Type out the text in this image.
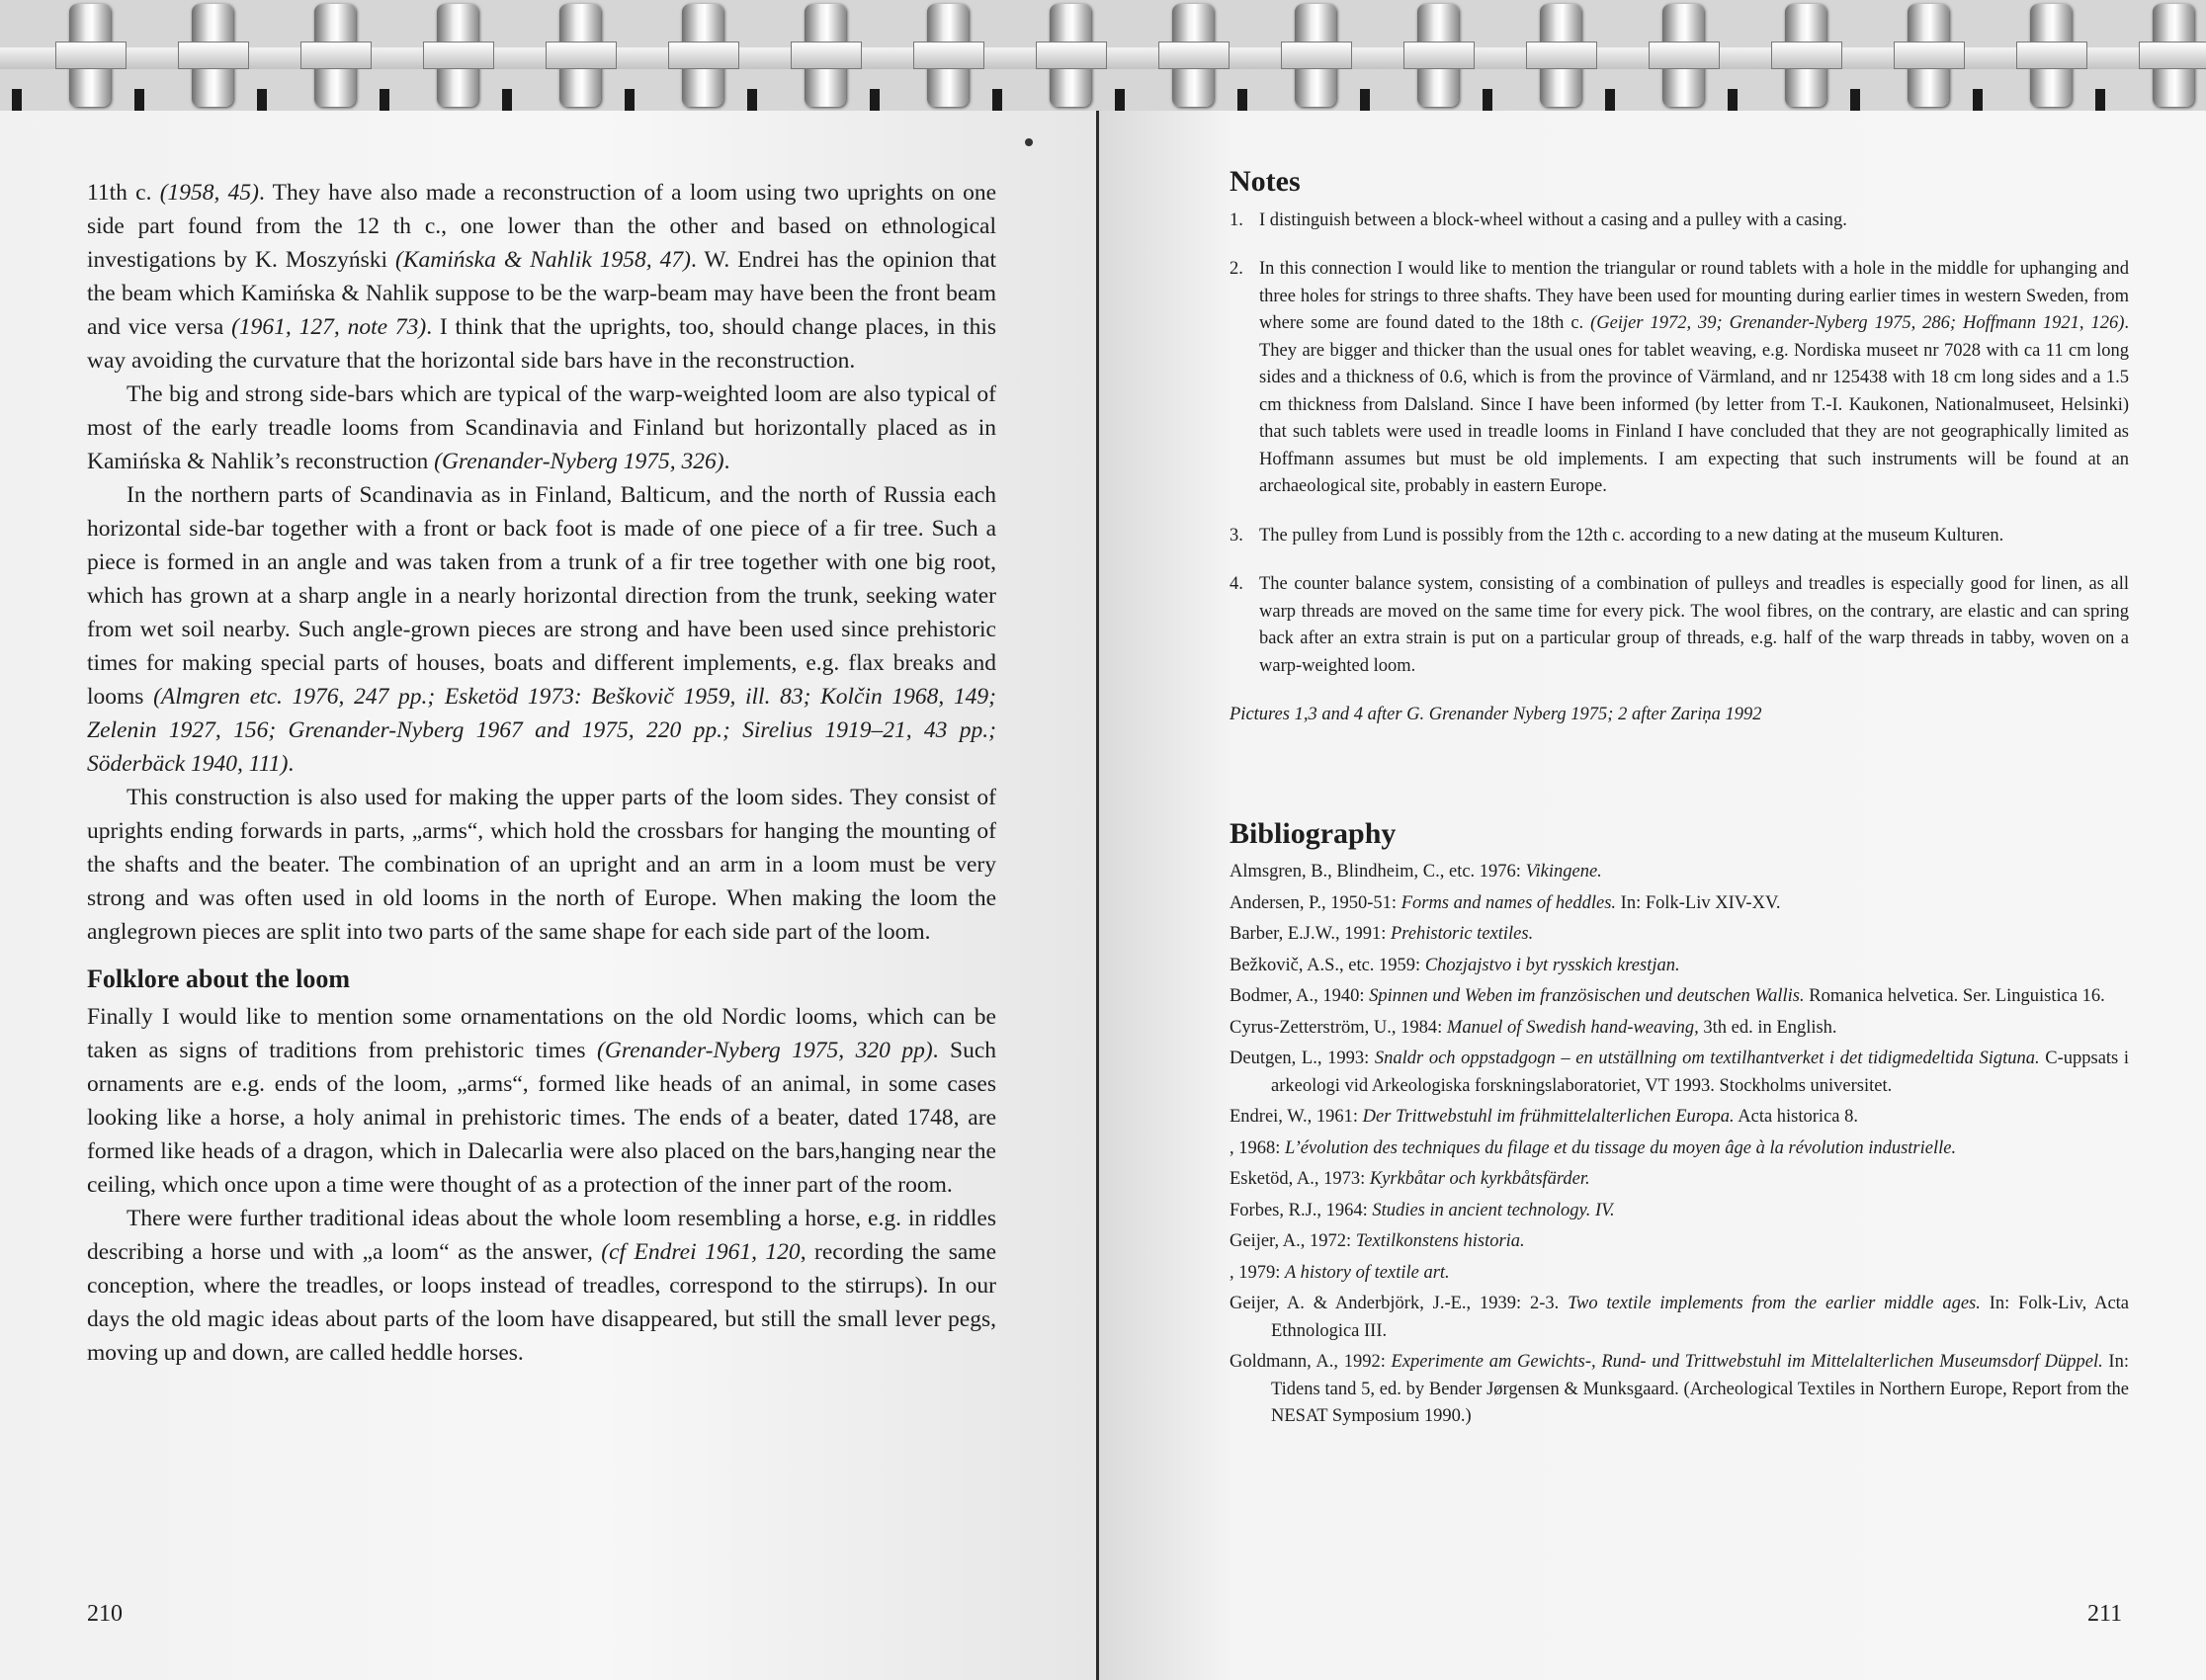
11th c. (1958, 45). They have also made a reconstruction of a loom using two uprights on one side part found from the 12 th c., one lower than the other and based on ethnological investigations by K. Moszyński (Kamińska & Nahlik 1958, 47). W. Endrei has the opinion that the beam which Kamińska & Nahlik suppose to be the warp-beam may have been the front beam and vice versa (1961, 127, note 73). I think that the uprights, too, should change places, in this way avoiding the curvature that the horizontal side bars have in the reconstruction.

The big and strong side-bars which are typical of the warp-weighted loom are also typical of most of the early treadle looms from Scandinavia and Finland but horizontally placed as in Kamińska & Nahlik’s reconstruction (Grenander-Nyberg 1975, 326).

In the northern parts of Scandinavia as in Finland, Balticum, and the north of Russia each horizontal side-bar together with a front or back foot is made of one piece of a fir tree. Such a piece is formed in an angle and was taken from a trunk of a fir tree together with one big root, which has grown at a sharp angle in a nearly horizontal direction from the trunk, seeking water from wet soil nearby. Such angle-grown pieces are strong and have been used since prehistoric times for making special parts of houses, boats and different implements, e.g. flax breaks and looms (Almgren etc. 1976, 247 pp.; Esketöd 1973: Beškovič 1959, ill. 83; Kolčin 1968, 149; Zelenin 1927, 156; Grenander-Nyberg 1967 and 1975, 220 pp.; Sirelius 1919–21, 43 pp.; Söderbäck 1940, 111).

This construction is also used for making the upper parts of the loom sides. They consist of uprights ending forwards in parts, „arms“, which hold the crossbars for hanging the mounting of the shafts and the beater. The combination of an upright and an arm in a loom must be very strong and was often used in old looms in the north of Europe. When making the loom the anglegrown pieces are split into two parts of the same shape for each side part of the loom.

Folklore about the loom

Finally I would like to mention some ornamentations on the old Nordic looms, which can be taken as signs of traditions from prehistoric times (Grenander-Nyberg 1975, 320 pp). Such ornaments are e.g. ends of the loom, „arms“, formed like heads of an animal, in some cases looking like a horse, a holy animal in prehistoric times. The ends of a beater, dated 1748, are formed like heads of a dragon, which in Dalecarlia were also placed on the bars,hanging near the ceiling, which once upon a time were thought of as a protection of the inner part of the room.

There were further traditional ideas about the whole loom resembling a horse, e.g. in riddles describing a horse und with „a loom“ as the answer, (cf Endrei 1961, 120, recording the same conception, where the treadles, or loops instead of treadles, correspond to the stirrups). In our days the old magic ideas about parts of the loom have disappeared, but still the small lever pegs, moving up and down, are called heddle horses.

210
Notes
1. I distinguish between a block-wheel without a casing and a pulley with a casing.
2. In this connection I would like to mention the triangular or round tablets with a hole in the middle for uphanging and three holes for strings to three shafts. They have been used for mounting during earlier times in western Sweden, from where some are found dated to the 18th c. (Geijer 1972, 39; Grenander-Nyberg 1975, 286; Hoffmann 1921, 126). They are bigger and thicker than the usual ones for tablet weaving, e.g. Nordiska museet nr 7028 with ca 11 cm long sides and a thickness of 0.6, which is from the province of Värmland, and nr 125438 with 18 cm long sides and a 1.5 cm thickness from Dalsland. Since I have been informed (by letter from T.-I. Kaukonen, Nationalmuseet, Helsinki) that such tablets were used in treadle looms in Finland I have concluded that they are not geographically limited as Hoffmann assumes but must be old implements. I am expecting that such instruments will be found at an archaeological site, probably in eastern Europe.
3. The pulley from Lund is possibly from the 12th c. according to a new dating at the museum Kulturen.
4. The counter balance system, consisting of a combination of pulleys and treadles is especially good for linen, as all warp threads are moved on the same time for every pick. The wool fibres, on the contrary, are elastic and can spring back after an extra strain is put on a particular group of threads, e.g. half of the warp threads in tabby, woven on a warp-weighted loom.
Pictures 1,3 and 4 after G. Grenander Nyberg 1975; 2 after Zariņa 1992
Bibliography
Almsgren, B., Blindheim, C., etc. 1976: Vikingene.
Andersen, P., 1950-51: Forms and names of heddles. In: Folk-Liv XIV-XV.
Barber, E.J.W., 1991: Prehistoric textiles.
Bežkovič, A.S., etc. 1959: Chozjajstvo i byt rysskich krestjan.
Bodmer, A., 1940: Spinnen und Weben im französischen und deutschen Wallis. Romanica helvetica. Ser. Linguistica 16.
Cyrus-Zetterström, U., 1984: Manuel of Swedish hand-weaving, 3th ed. in English.
Deutgen, L., 1993: Snaldr och oppstadgogn – en utställning om textilhantverket i det tidigmedeltida Sigtuna. C-uppsats i arkeologi vid Arkeologiska forskningslaboratoriet, VT 1993. Stockholms universitet.
Endrei, W., 1961: Der Trittwebstuhl im frühmittelalterlichen Europa. Acta historica 8.
, 1968: L’évolution des techniques du filage et du tissage du moyen âge à la révolution industrielle.
Esketöd, A., 1973: Kyrkbåtar och kyrkbåtsfärder.
Forbes, R.J., 1964: Studies in ancient technology. IV.
Geijer, A., 1972: Textilkonstens historia.
, 1979: A history of textile art.
Geijer, A. & Anderbjörk, J.-E., 1939: 2-3. Two textile implements from the earlier middle ages. In: Folk-Liv, Acta Ethnologica III.
Goldmann, A., 1992: Experimente am Gewichts-, Rund- und Trittwebstuhl im Mittelalterlichen Museumsdorf Düppel. In: Tidens tand 5, ed. by Bender Jørgensen & Munksgaard. (Archeological Textiles in Northern Europe, Report from the NESAT Symposium 1990.)
211
